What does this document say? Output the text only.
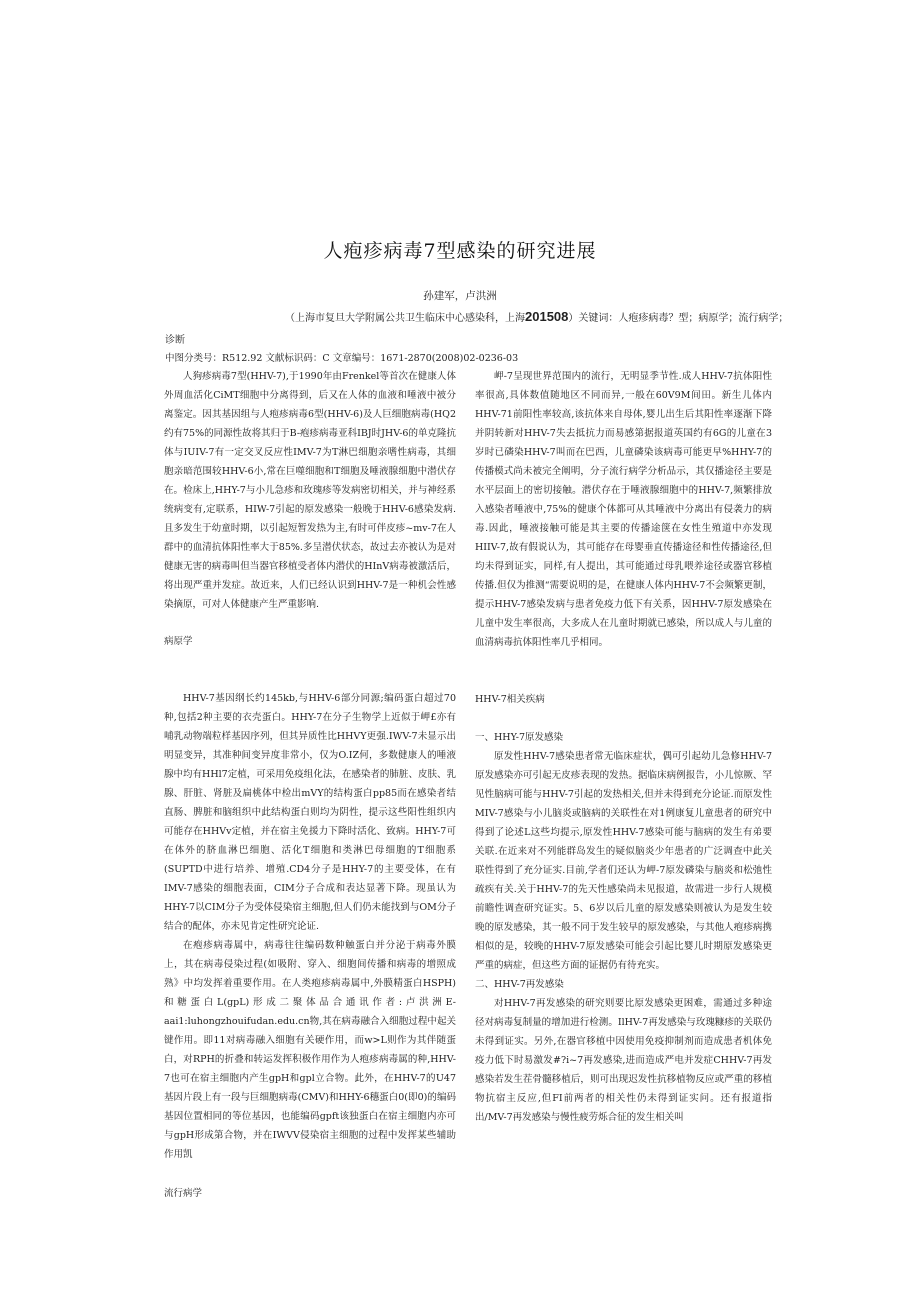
人疱疹病毒7型感染的研究进展
孙建军，卢洪洲
（上海市复旦大学附属公共卫生临床中心感染科，上海201508）关键词：人疱疹病毒？型；病原学；流行病学；诊断
中图分类号：R512.92 文献标识码：C 文章编号：1671-2870(2008)02-0236-03

人狗疹病毒7型(HHV-7),于1990年由Frenkel等首次在健康人体外周血活化CiMT细胞中分离得到，后又在人体的血液和唾液中被分离鉴定。因其基因组与人疱疹病毒6型(HHV-6)及人巨细胞病毒(HQ2约有75%的同源性故将其归于B-疱疹病毒亚科IBJ时JHV-6的单克隆抗体与IUIV-7有一定交叉反应性IMV-7为T淋巴细胞亲嗜性病毒，其细胞亲暗范围较HHV-6小,常在巨噬细胞和T细胞及唾液腺细胞中潜伏存在。检床上,HHY-7与小儿急疹和玫瑰疹等发病密切相关，并与神经系统病变有,定联系，HIW-7引起的原发感染一般晚于HHV-6感染发病.且多发生于幼童时期，以引起短暂发热为主,有时可伴皮疹~mv-7在人群中的血清抗体阳性率大于85%.多呈潜伏状态，故过去亦被认为是对健康无害的病毒叫但当器官移植受者体内潜伏的HInV病毒被激活后，将出现严重并发症。故近来，人们已经认识到HHV-7是一种机会性感染摘原，可对人体健康产生严重影响.

病原学

HHV-7基因纲长约145kb,与HHV-6部分同源;编码蛋白超过70种,包括2种主要的衣壳蛋白。HHY-7在分子生物学上近似于岬£亦有哺乳动物端粒样基因序列，但其异质性比HHVY更强.IWV-7未显示出明显变异，其准种间变异度非常小，仅为O.IZ何，多数健康人的唾液腺中均有HHl7定植，可采用免疫组化法，在感染者的肺脏、皮肤、乳腺、肝脏、肾脏及扁桃体中检出mVY的结构蛋白pp85而在感染者结直肠、脾脏和脑组织中此结构蛋白则均为阴性，提示这些阳性组织内可能存在HHVv定植，并在宿主免援力下降时活化、致病。HHY-7可在体外的脐血淋巴细胞、活化T细胞和类淋巴母细胞的T细胞系(SUPTD中进行培养、增殖.CD4分子是HHY-7的主要受体，在有IMV-7感染的细胞表面，CIM分子合成和表达显著下降。现虽认为HHY-7以CIM分子为受体侵染宿主细胞,但人们仍未能找到与OM分子结合的配体，亦未见肯定性研究论证.

在疱疹病毒属中，病毒往往编码数种触蛋白并分泌于病毒外膜上，其在病毒侵染过程(如吸附、穿入、细胞间传播和病毒的增照成熟》中均发挥着重要作用。在人类疱疹病毒属中,外膜精蛋白HSPH)和糖蛋白L(gpL)形成二聚体品合通讯作者:卢洪洲E-aai1:luhongzhouifudan.edu.cn物,其在病毒融合入细胞过程中起关键作用。即11对病毒融入细胞有关硬作用，而w>L则作为其伴随蛋白，对RPH的折叠和转运发挥积极作用作为人疱疹病毒属的种,HHV-7也可在宿主细胞内产生gpH和gpl立合物。此外，在HHV-7的U47基因片段上有一段与巨细胞病毒(CMV)和HHY-6穗蛋白0(即0)的编码基因位置相同的等位基因，也能编码gpft该独蛋白在宿主细胞内亦可与gpH形成第合物，并在IWVV侵染宿主细胞的过程中发挥某些辅助作用凯

流行病学

岬-7呈现世界范围内的流行，无明显季节性.成人HHV-7抗体阳性率很高,具体数值随地区不同而异,一般在60V9M间田。新生儿体内HHV-71前阳性率较高,该抗体来自母体,婴儿出生后其阳性率逐渐下降并阴转新对HHV-7失去抵抗力而易感第据报道英国约有6G的儿童在3岁时已磷染HHV-7叫而在巴西，儿童磷染该病毒可能更早%HHY-7的传播模式尚未被完全阐明，分子流行病学分析品示，其仅播途径主要是水平层面上的密切接触。潜伏存在于唾液腺细胞中的HHV-7,频繁排放入感染者唾液中,75%的健康个体都可从其唾液中分离出有侵袭力的病毒.因此，唾液接触可能是其主要的传播途箧在女性生殖道中亦发现HIIV-7,故有假说认为，其可能存在母婴垂直传播途径和性传播途径,但均未得到证实，同样,有人提出，其可能通过母乳喂养途径或器官移植传播.但仅为推测“需要说明的是，在健康人体内HHV-7不会频繁更制，提示HHV-7感染发病与患者免疫力低下有关系，因HHV-7原发感染在儿童中发生率很高，大多成人在儿童时期就已感染，所以成人与儿童的血清病毒抗体阳性率几乎相同。

HHV-7相关疾病

一、HHY-7原发感染

原发性HHV-7感染患者常无临床症状，偶可引起幼儿急修HHV-7原发感染亦可引起无皮疹表现的发热。据临床病例报告，小儿惊厥、罕见性脑病可能与HHV-7引起的发热相关,但并未得到充分论证.而原发性MIV-7感染与小儿脑炎或脑病的关联性在对1例康复儿童患者的研究中得到了论述L这些均提示,原发性HHV-7感染可能与脑病的发生有弟要关联.在近来对不列能群岛发生的疑似脑炎少年患者的广泛调查中此关联性得到了充分证实.目前,学者们还认为岬-7原发磷染与脑炎和松弛性疏疾有关.关于HHV-7的先天性感染尚未见报道，故需进一步行人规模前瞻性调查研究证实。5、6岁以后儿童的原发感染则被认为是发生较晚的原发感染，其一般不同于发生较早的原发感染，与其他人疱疹病携相似的是，较晚的HHV-7原发感染可能会引起比婴儿时期原发感染更严重的病症，但这些方面的证据仍有待充实。

二、HHV-7再发感染

对HHV-7再发感染的研究则要比原发感染更困难，需通过多种途径对病毒复制量的增加进行检测。IlHV-7再发感染与玫瑰糠疹的关联仍未得到证实。另外,在器官移植中因使用免疫抑制剂而造成患者机体免疫力低下时易激发#?i~7再发感染,进而造成严电并发症CHHV-7再发感染若发生茬骨髓移植后，则可出现迟发性抗移植物反应或严重的移植物抗宿主反应,但FI前两者的相关性仍未得到证实问。还有报道指出/MV-7再发感染与慢性疲劳烁合征的发生相关叫
